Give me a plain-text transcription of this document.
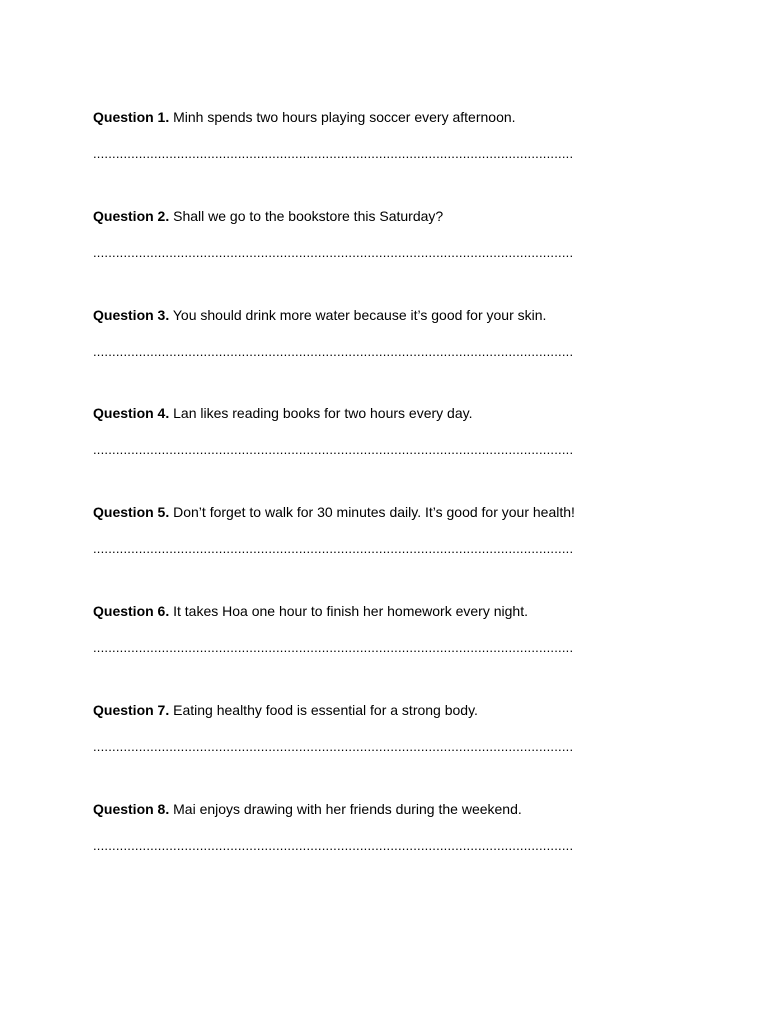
Question 1. Minh spends two hours playing soccer every afternoon.

..............................................................................................................................

Question 2. Shall we go to the bookstore this Saturday?

..............................................................................................................................

Question 3. You should drink more water because it’s good for your skin.

..............................................................................................................................

Question 4. Lan likes reading books for two hours every day.

..............................................................................................................................

Question 5. Don’t forget to walk for 30 minutes daily. It’s good for your health!

..............................................................................................................................

Question 6. It takes Hoa one hour to finish her homework every night.

..............................................................................................................................

Question 7. Eating healthy food is essential for a strong body.

..............................................................................................................................

Question 8. Mai enjoys drawing with her friends during the weekend.

..............................................................................................................................
